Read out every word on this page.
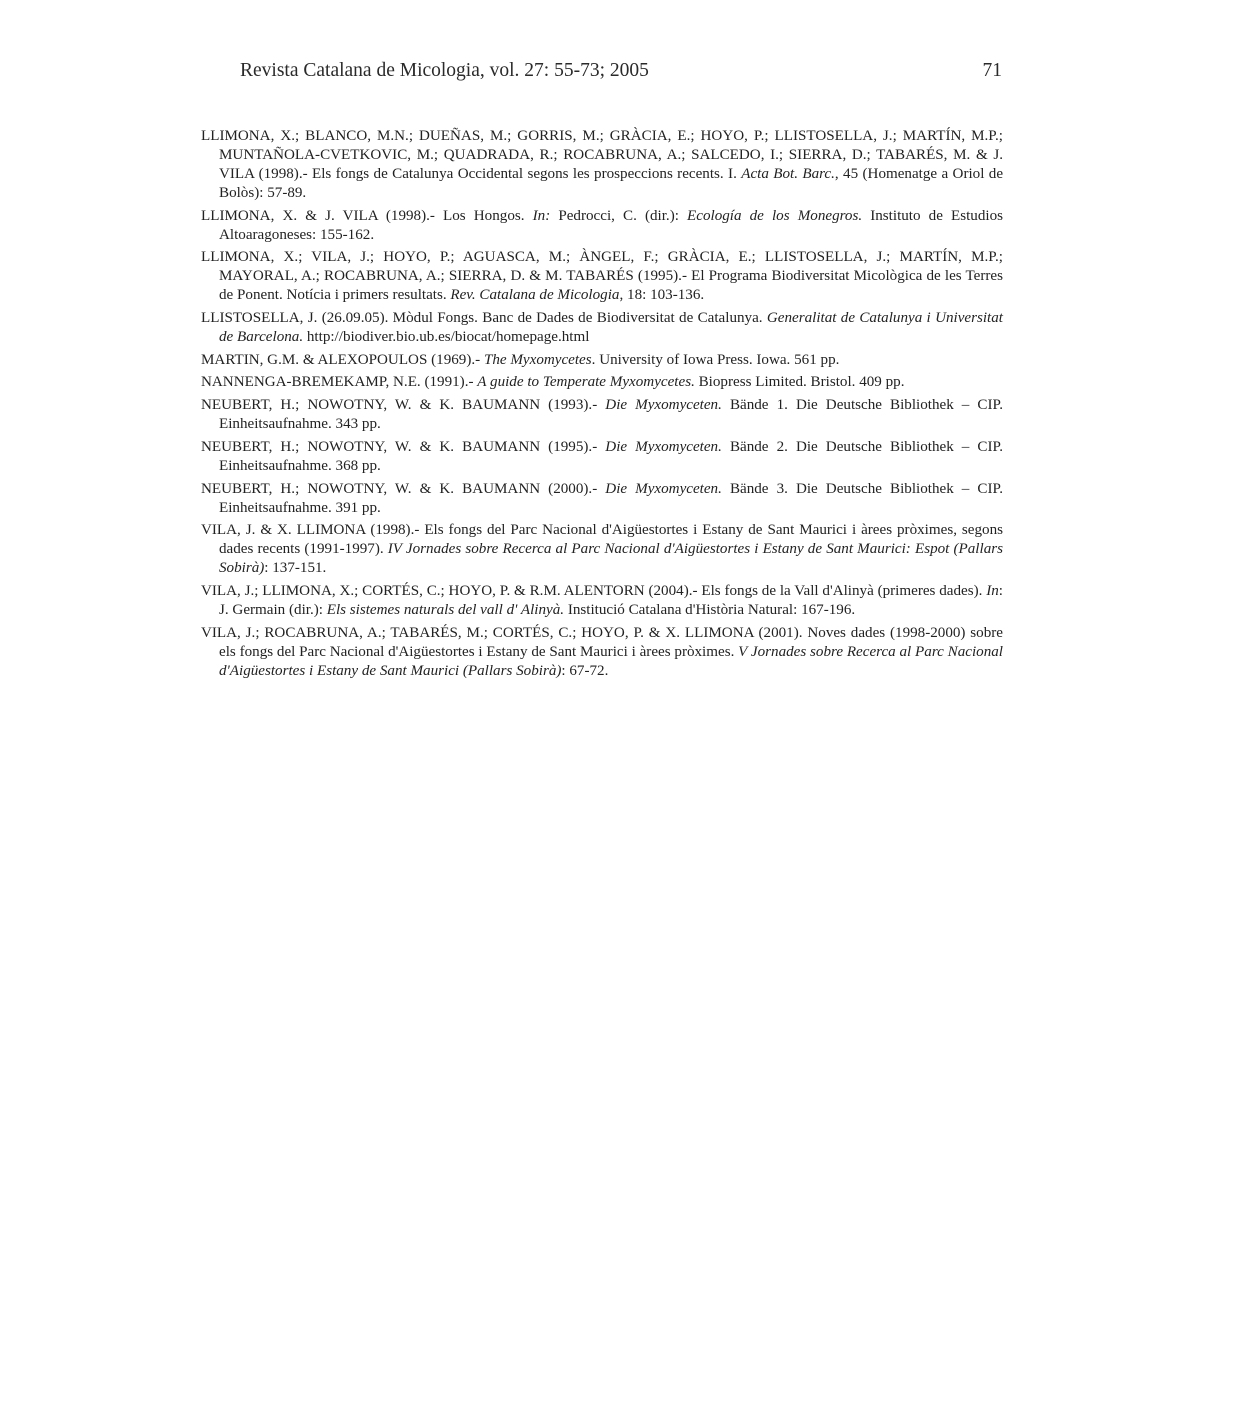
Revista Catalana de Micologia, vol. 27: 55-73; 2005	71

LLIMONA, X.; BLANCO, M.N.; DUEÑAS, M.; GORRIS, M.; GRÀCIA, E.; HOYO, P.; LLISTOSELLA, J.; MARTÍN, M.P.; MUNTAÑOLA-CVETKOVIC, M.; QUADRADA, R.; ROCABRUNA, A.; SALCEDO, I.; SIERRA, D.; TABARÉS, M. & J. VILA (1998).- Els fongs de Catalunya Occidental segons les prospeccions recents. I. Acta Bot. Barc., 45 (Homenatge a Oriol de Bolòs): 57-89.

LLIMONA, X. & J. VILA (1998).- Los Hongos. In: Pedrocci, C. (dir.): Ecología de los Monegros. Instituto de Estudios Altoaragoneses: 155-162.

LLIMONA, X.; VILA, J.; HOYO, P.; AGUASCA, M.; ÀNGEL, F.; GRÀCIA, E.; LLISTOSELLA, J.; MARTÍN, M.P.; MAYORAL, A.; ROCABRUNA, A.; SIERRA, D. & M. TABARÉS (1995).- El Programa Biodiversitat Micològica de les Terres de Ponent. Notícia i primers resultats. Rev. Catalana de Micologia, 18: 103-136.

LLISTOSELLA, J. (26.09.05). Mòdul Fongs. Banc de Dades de Biodiversitat de Catalunya. Generalitat de Catalunya i Universitat de Barcelona. http://biodiver.bio.ub.es/biocat/homepage.html

MARTIN, G.M. & ALEXOPOULOS (1969).- The Myxomycetes. University of Iowa Press. Iowa. 561 pp.

NANNENGA-BREMEKAMP, N.E. (1991).- A guide to Temperate Myxomycetes. Biopress Limited. Bristol. 409 pp.

NEUBERT, H.; NOWOTNY, W. & K. BAUMANN (1993).- Die Myxomyceten. Bände 1. Die Deutsche Bibliothek – CIP. Einheitsaufnahme. 343 pp.

NEUBERT, H.; NOWOTNY, W. & K. BAUMANN (1995).- Die Myxomyceten. Bände 2. Die Deutsche Bibliothek – CIP. Einheitsaufnahme. 368 pp.

NEUBERT, H.; NOWOTNY, W. & K. BAUMANN (2000).- Die Myxomyceten. Bände 3. Die Deutsche Bibliothek – CIP. Einheitsaufnahme. 391 pp.

VILA, J. & X. LLIMONA (1998).- Els fongs del Parc Nacional d'Aigüestortes i Estany de Sant Maurici i àrees pròximes, segons dades recents (1991-1997). IV Jornades sobre Recerca al Parc Nacional d'Aigüestortes i Estany de Sant Maurici: Espot (Pallars Sobirà): 137-151.

VILA, J.; LLIMONA, X.; CORTÉS, C.; HOYO, P. & R.M. ALENTORN (2004).- Els fongs de la Vall d'Alinyà (primeres dades). In: J. Germain (dir.): Els sistemes naturals del vall d' Alinyà. Institució Catalana d'Història Natural: 167-196.

VILA, J.; ROCABRUNA, A.; TABARÉS, M.; CORTÉS, C.; HOYO, P. & X. LLIMONA (2001). Noves dades (1998-2000) sobre els fongs del Parc Nacional d'Aigüestortes i Estany de Sant Maurici i àrees pròximes. V Jornades sobre Recerca al Parc Nacional d'Aigüestortes i Estany de Sant Maurici (Pallars Sobirà): 67-72.
